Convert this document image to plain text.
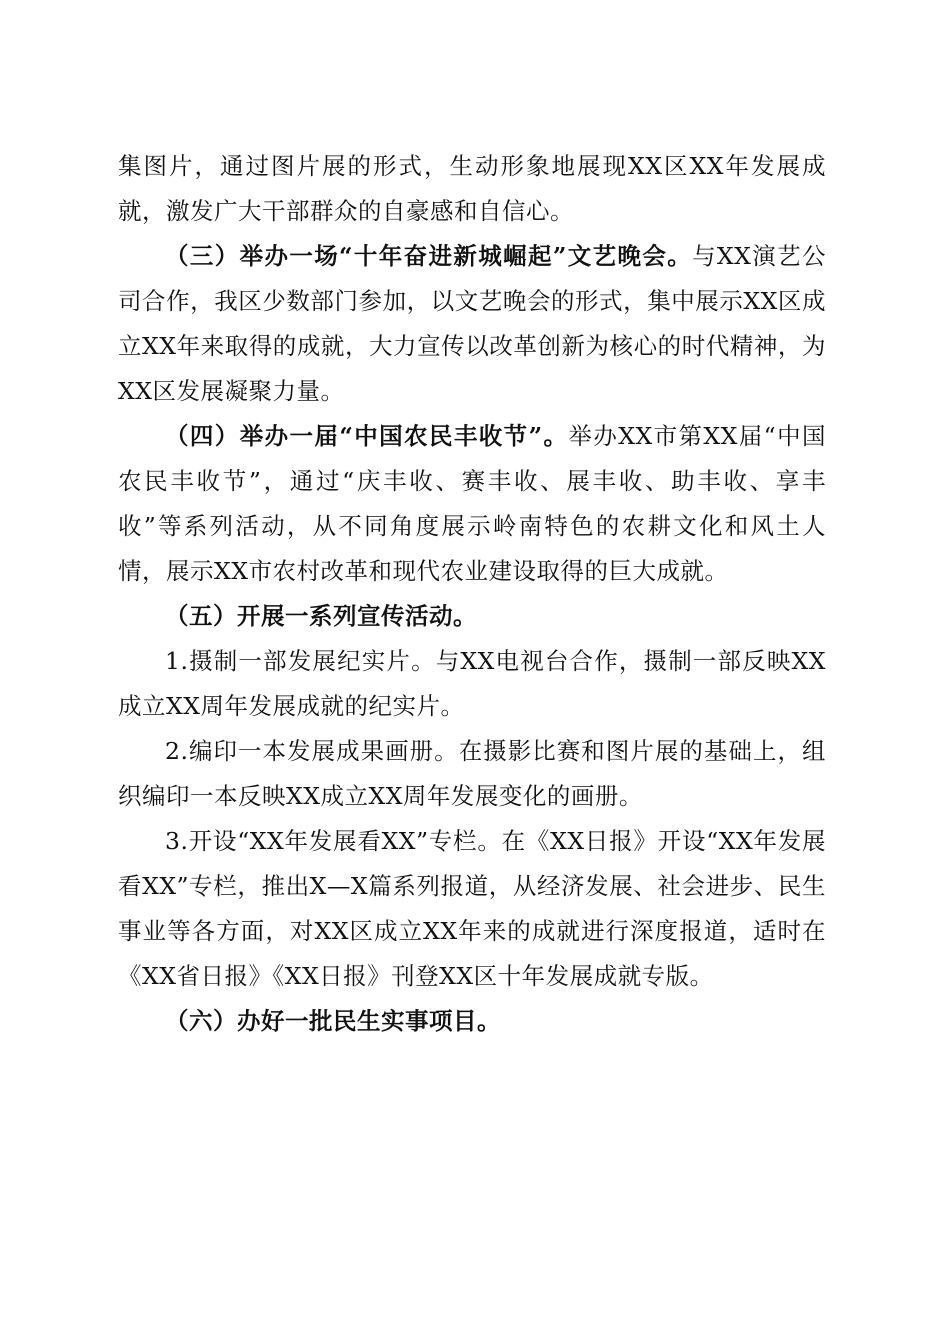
集图片，通过图片展的形式，生动形象地展现XX区XX年发展成就，激发广大干部群众的自豪感和自信心。

（三）举办一场“十年奋进新城崛起”文艺晚会。与XX演艺公司合作，我区少数部门参加，以文艺晚会的形式，集中展示XX区成立XX年来取得的成就，大力宣传以改革创新为核心的时代精神，为XX区发展凝聚力量。

（四）举办一届“中国农民丰收节”。举办XX市第XX届“中国农民丰收节”，通过“庆丰收、赛丰收、展丰收、助丰收、享丰收”等系列活动，从不同角度展示岭南特色的农耕文化和风土人情，展示XX市农村改革和现代农业建设取得的巨大成就。

（五）开展一系列宣传活动。

1.摄制一部发展纪实片。与XX电视台合作，摄制一部反映XX成立XX周年发展成就的纪实片。

2.编印一本发展成果画册。在摄影比赛和图片展的基础上，组织编印一本反映XX成立XX周年发展变化的画册。

3.开设“XX年发展看XX”专栏。在《XX日报》开设“XX年发展看XX”专栏，推出X—X篇系列报道，从经济发展、社会进步、民生事业等各方面，对XX区成立XX年来的成就进行深度报道，适时在《XX省日报》《XX日报》刊登XX区十年发展成就专版。

（六）办好一批民生实事项目。
